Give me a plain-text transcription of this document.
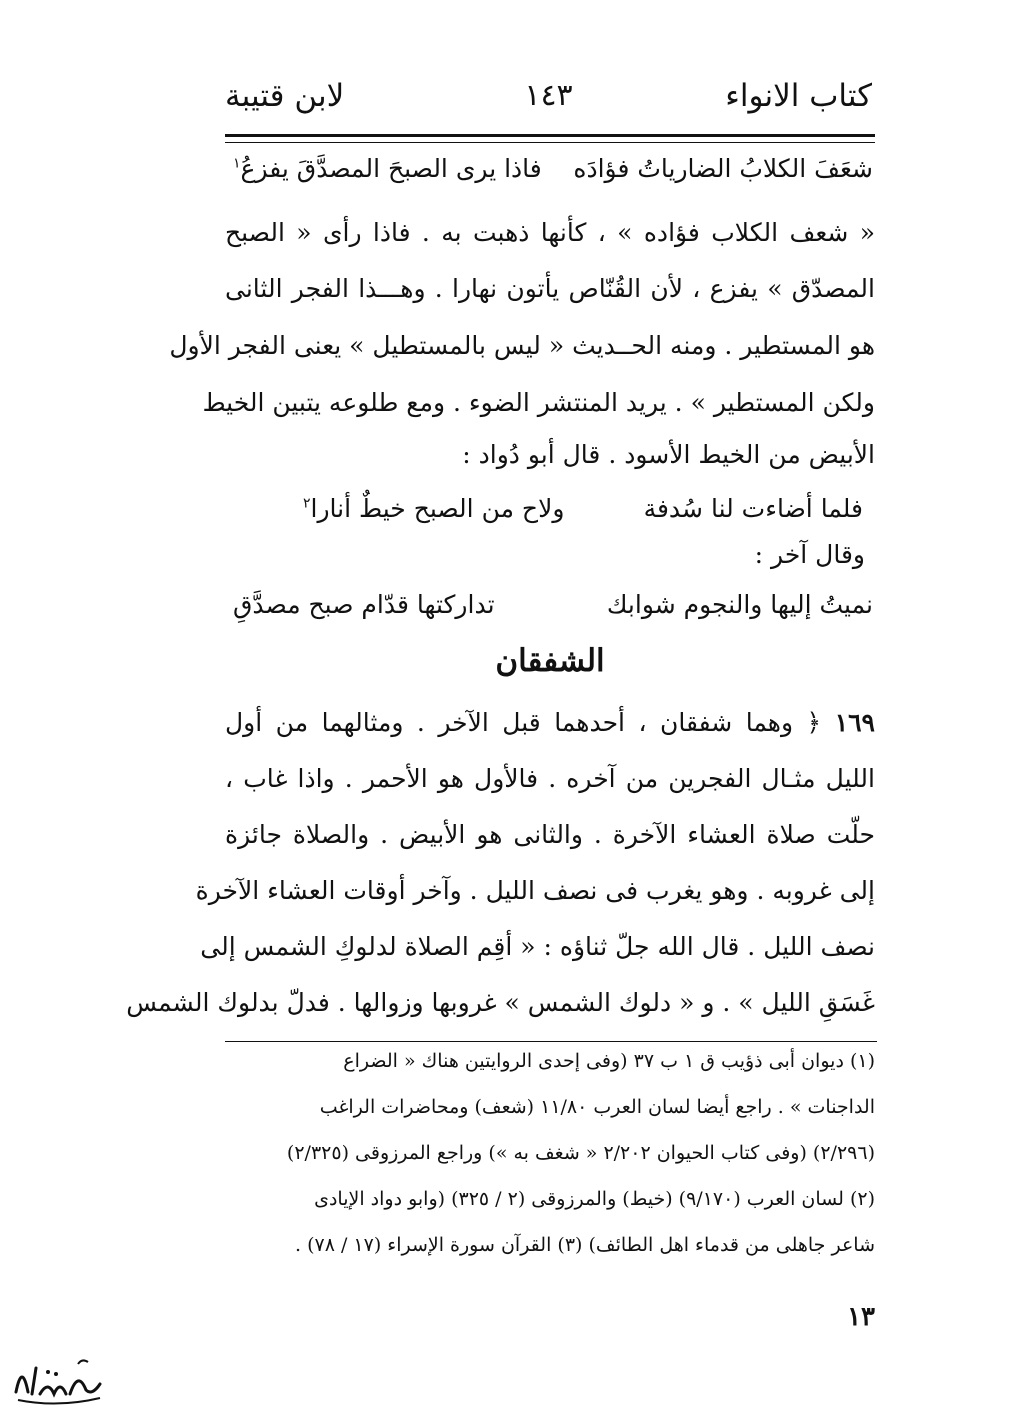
كتاب الانواء
١٤٣
لابن قتيبة
شعَفَ الكلابُ الضارياتُ فؤادَه
فاذا يرى الصبحَ المصدَّقَ يفزعُ$^١$
« شعف الكلاب فؤاده » ، كأنها ذهبت به . فاذا رأى « الصبح
المصدّق » يفزع ، لأن القُنّاص يأتون نهارا . وهـــذا الفجر الثانى
هو المستطير . ومنه الحــديث « ليس بالمستطيل » يعنى الفجر الأول
ولكن المستطير » . يريد المنتشر الضوء . ومع طلوعه يتبين الخيط
الأبيض من الخيط الأسود . قال أبو دُواد :
فلما أضاءت لنا سُدفة
ولاح من الصبح خيطٌ أنارا$^٢$
وقال آخر :
نميتُ إليها والنجوم شوابك
تداركتها قدّام صبح مصدَّقِ
الشفقان
١٦٩ ﴿ وهما شفقان ، أحدهما قبل الآخر . ومثالهما من أول
الليل مثـال الفجرين من آخره . فالأول هو الأحمر . واذا غاب ،
حلّت صلاة العشاء الآخرة . والثانى هو الأبيض . والصلاة جائزة
إلى غروبه . وهو يغرب فى نصف الليل . وآخر أوقات العشاء الآخرة
نصف الليل . قال الله جلّ ثناؤه : « أقِم الصلاة لدلوكِ الشمس إلى
غَسَقِ الليل » . و « دلوك الشمس » غروبها وزوالها . فدلّ بدلوك الشمس
(١) ديوان أبى ذؤيب ق ١ ب ٣٧ (وفى إحدى الروايتين هناك « الضراع
الداجنات » . راجع أيضا لسان العرب ١١/٨٠ (شعف) ومحاضرات الراغب
(٢/٢٩٦) (وفى كتاب الحيوان ٢/٢٠٢ « شغف به ») وراجع المرزوقى (٢/٣٢٥)
(٢) لسان العرب (٩/١٧٠) (خيط) والمرزوقى (٢ / ٣٢٥) (وابو دواد الإيادى
شاعر جاهلى من قدماء اهل الطائف) (٣) القرآن سورة الإسراء (١٧ / ٧٨) .
١٣
